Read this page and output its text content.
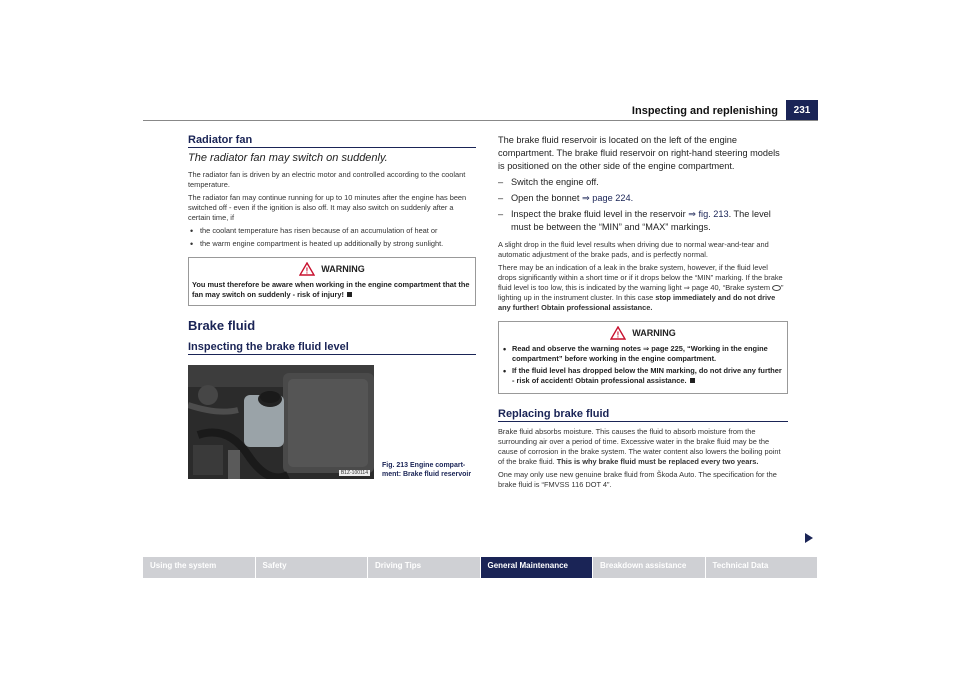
Inspecting and replenishing	231
Radiator fan
The radiator fan may switch on suddenly.

The radiator fan is driven by an electric motor and controlled according to the coolant temperature.

The radiator fan may continue running for up to 10 minutes after the engine has been switched off - even if the ignition is also off. It may also switch on suddenly after a certain time, if

• the coolant temperature has risen because of an accumulation of heat or
• the warm engine compartment is heated up additionally by strong sunlight.
! WARNING
You must therefore be aware when working in the engine compartment that the fan may switch on suddenly - risk of injury!
Brake fluid
Inspecting the brake fluid level
B1Z-100114
Fig. 213 Engine compart-ment: Brake fluid reservoir

The brake fluid reservoir is located on the left of the engine compartment. The brake fluid reservoir on right-hand steering models is positioned on the other side of the engine compartment.

– Switch the engine off.
– Open the bonnet ⇒ page 224.
– Inspect the brake fluid level in the reservoir ⇒ fig. 213. The level must be between the “MIN” and “MAX” markings.

A slight drop in the fluid level results when driving due to normal wear-and-tear and automatic adjustment of the brake pads, and is perfectly normal.

There may be an indication of a leak in the brake system, however, if the fluid level drops significantly within a short time or if it drops below the “MIN” marking. If the brake fluid level is too low, this is indicated by the warning light ⇒ page 40, “Brake system ” lighting up in the instrument cluster. In this case stop immediately and do not drive any further! Obtain professional assistance.

! WARNING
• Read and observe the warning notes ⇒ page 225, “Working in the engine compartment” before working in the engine compartment.
• If the fluid level has dropped below the MIN marking, do not drive any further - risk of accident! Obtain professional assistance.
Replacing brake fluid

Brake fluid absorbs moisture. This causes the fluid to absorb moisture from the surrounding air over a period of time. Excessive water in the brake fluid may be the cause of corrosion in the brake system. The water content also lowers the boiling point of the brake fluid. This is why brake fluid must be replaced every two years.

One may only use new genuine brake fluid from Škoda Auto. The specification for the brake fluid is “FMVSS 116 DOT 4”.

Using the system	Safety	Driving Tips	General Maintenance	Breakdown assistance	Technical Data
